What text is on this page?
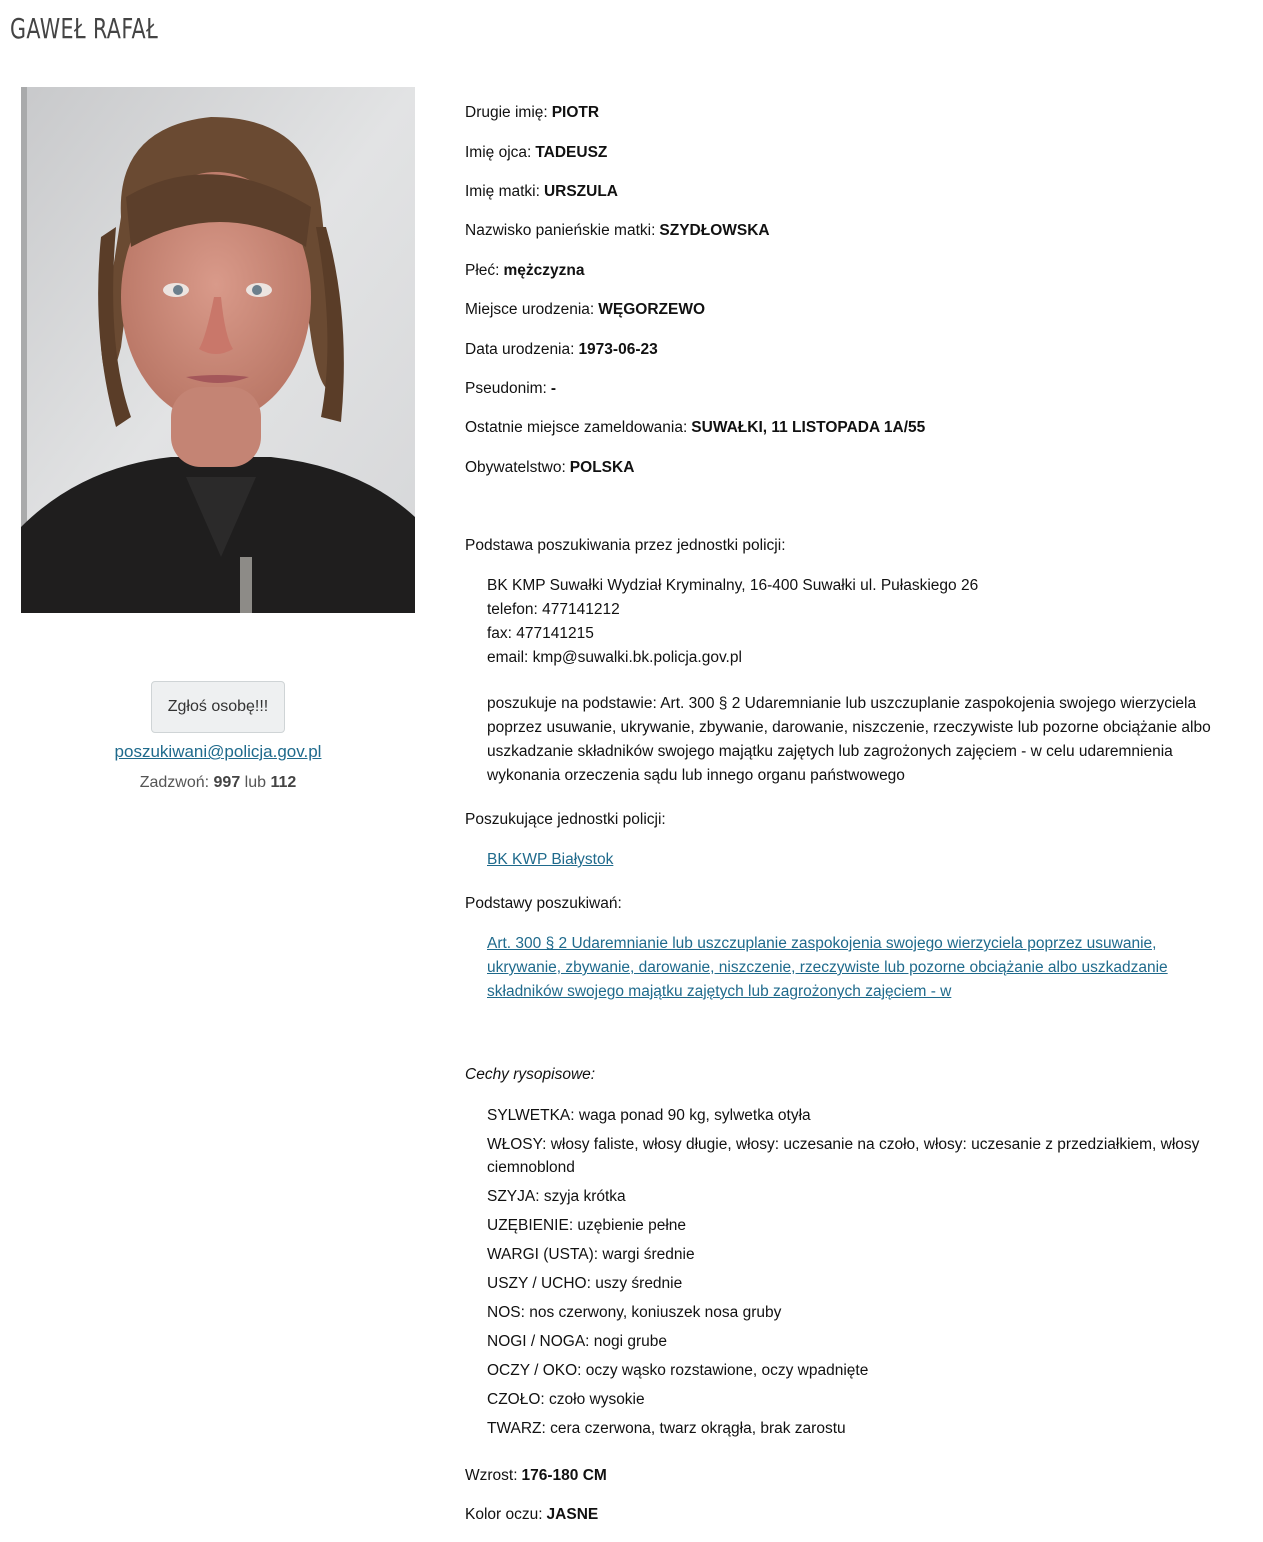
GAWEŁ RAFAŁ
Zgłoś osobę!!!
poszukiwani@policja.gov.pl
Zadzwoń: 997 lub 112
Drugie imię: PIOTR
Imię ojca: TADEUSZ
Imię matki: URSZULA
Nazwisko panieńskie matki: SZYDŁOWSKA
Płeć: mężczyzna
Miejsce urodzenia: WĘGORZEWO
Data urodzenia: 1973-06-23
Pseudonim: -
Ostatnie miejsce zameldowania: SUWAŁKI, 11 LISTOPADA 1A/55
Obywatelstwo: POLSKA
Podstawa poszukiwania przez jednostki policji:
BK KMP Suwałki Wydział Kryminalny, 16-400 Suwałki ul. Pułaskiego 26
telefon: 477141212
fax: 477141215
email: kmp@suwalki.bk.policja.gov.pl
poszukuje na podstawie: Art. 300 § 2 Udaremnianie lub uszczuplanie zaspokojenia swojego wierzyciela poprzez usuwanie, ukrywanie, zbywanie, darowanie, niszczenie, rzeczywiste lub pozorne obciążanie albo uszkadzanie składników swojego majątku zajętych lub zagrożonych zajęciem - w celu udaremnienia wykonania orzeczenia sądu lub innego organu państwowego
Poszukujące jednostki policji:
BK KWP Białystok
Podstawy poszukiwań:
Art. 300 § 2 Udaremnianie lub uszczuplanie zaspokojenia swojego wierzyciela poprzez usuwanie, ukrywanie, zbywanie, darowanie, niszczenie, rzeczywiste lub pozorne obciążanie albo uszkadzanie składników swojego majątku zajętych lub zagrożonych zajęciem - w
Cechy rysopisowe:
SYLWETKA: waga ponad 90 kg, sylwetka otyła
WŁOSY: włosy faliste, włosy długie, włosy: uczesanie na czoło, włosy: uczesanie z przedziałkiem, włosy ciemnoblond
SZYJA: szyja krótka
UZĘBIENIE: uzębienie pełne
WARGI (USTA): wargi średnie
USZY / UCHO: uszy średnie
NOS: nos czerwony, koniuszek nosa gruby
NOGI / NOGA: nogi grube
OCZY / OKO: oczy wąsko rozstawione, oczy wpadnięte
CZOŁO: czoło wysokie
TWARZ: cera czerwona, twarz okrągła, brak zarostu
Wzrost: 176-180 CM
Kolor oczu: JASNE
